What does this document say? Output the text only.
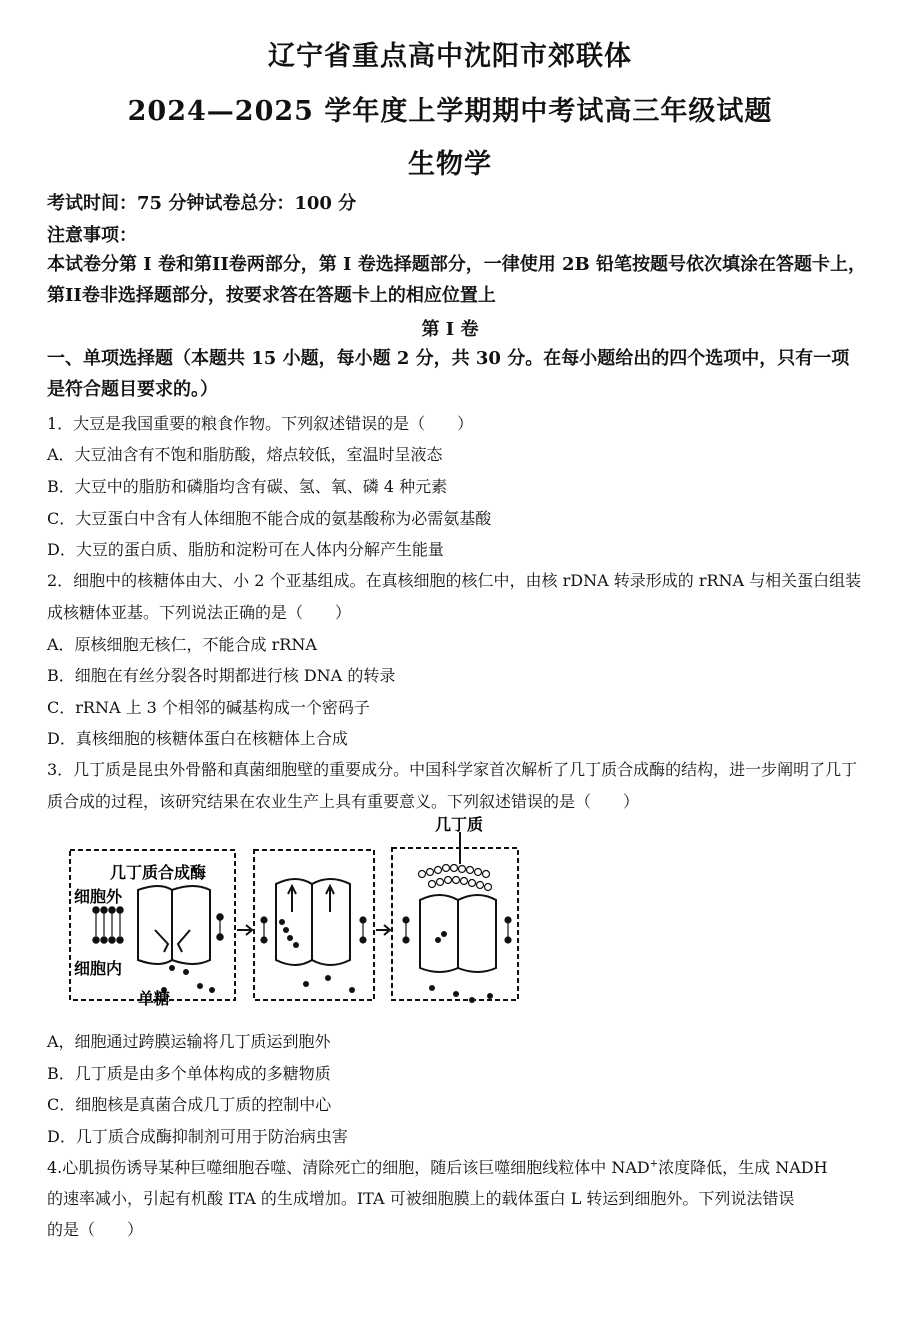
辽宁省重点高中沈阳市郊联体
2024—2025 学年度上学期期中考试高三年级试题
生物学
考试时间：75 分钟试卷总分：100 分
注意事项：
本试卷分第 I 卷和第II卷两部分，第 I 卷选择题部分，一律使用 2B 铅笔按题号依次填涂在答题卡上，第II卷非选择题部分，按要求答在答题卡上的相应位置上
第 I 卷
一、单项选择题（本题共 15 小题，每小题 2 分，共 30 分。在每小题给出的四个选项中，只有一项是符合题目要求的。）
1．大豆是我国重要的粮食作物。下列叙述错误的是（　　）
A．大豆油含有不饱和脂肪酸，熔点较低，室温时呈液态
B．大豆中的脂肪和磷脂均含有碳、氢、氧、磷 4 种元素
C．大豆蛋白中含有人体细胞不能合成的氨基酸称为必需氨基酸
D．大豆的蛋白质、脂肪和淀粉可在人体内分解产生能量
2．细胞中的核糖体由大、小 2 个亚基组成。在真核细胞的核仁中，由核 rDNA 转录形成的 rRNA 与相关蛋白组装成核糖体亚基。下列说法正确的是（　　）
A．原核细胞无核仁，不能合成 rRNA
B．细胞在有丝分裂各时期都进行核 DNA 的转录
C．rRNA 上 3 个相邻的碱基构成一个密码子
D．真核细胞的核糖体蛋白在核糖体上合成
3．几丁质是昆虫外骨骼和真菌细胞壁的重要成分。中国科学家首次解析了几丁质合成酶的结构，进一步阐明了几丁质合成的过程，该研究结果在农业生产上具有重要意义。下列叙述错误的是（　　）
几丁质
几丁质合成酶
细胞外
细胞内
单糖
A，细胞通过跨膜运输将几丁质运到胞外
B．几丁质是由多个单体构成的多糖物质
C．细胞核是真菌合成几丁质的控制中心
D．几丁质合成酶抑制剂可用于防治病虫害
4.心肌损伤诱导某种巨噬细胞吞噬、清除死亡的细胞，随后该巨噬细胞线粒体中 NAD+浓度降低，生成 NADH
的速率减小，引起有机酸 ITA 的生成增加。ITA 可被细胞膜上的载体蛋白 L 转运到细胞外。下列说法错误
的是（　　）
